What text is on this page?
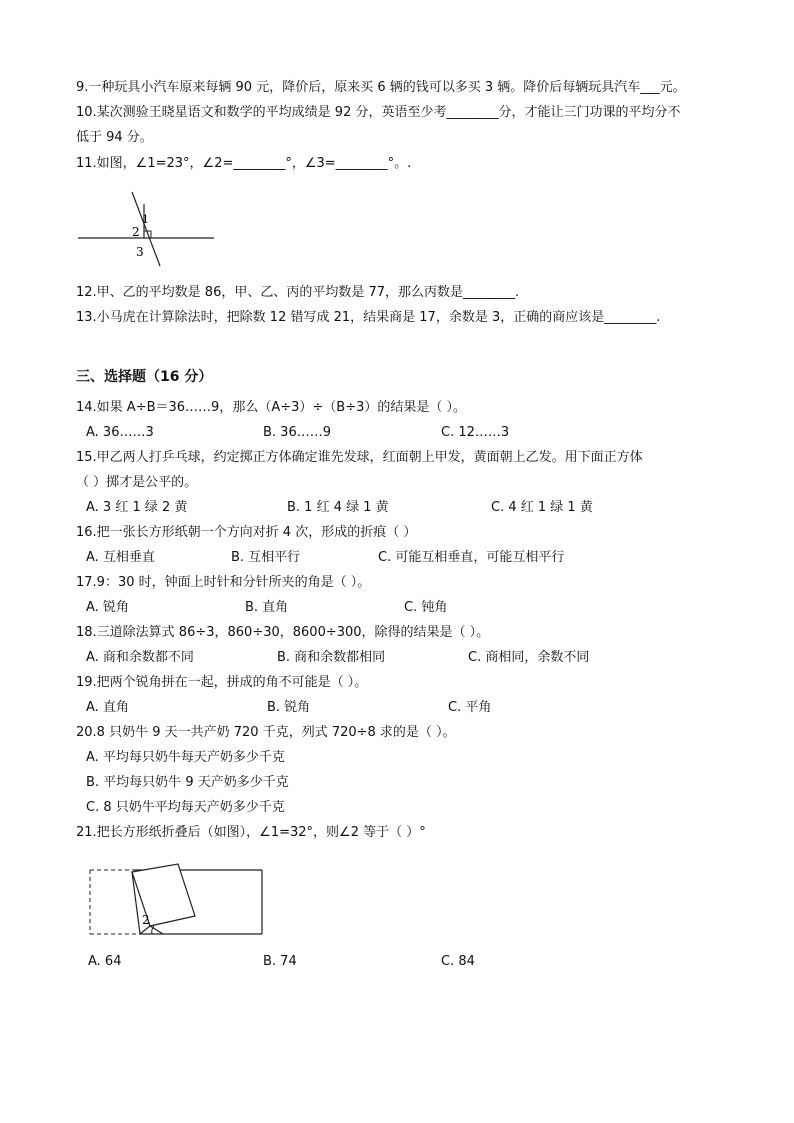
9.一种玩具小汽车原来每辆 90 元，降价后，原来买 6 辆的钱可以多买 3 辆。降价后每辆玩具汽车___元。
10.某次测验王晓星语文和数学的平均成绩是 92 分，英语至少考________分，才能让三门功课的平均分不
低于 94 分。
11.如图，∠1=23°，∠2=________°，∠3=________°。.
1
2
3
12.甲、乙的平均数是 86，甲、乙、丙的平均数是 77，那么丙数是________.
13.小马虎在计算除法时，把除数 12 错写成 21，结果商是 17，余数是 3，正确的商应该是________.
三、选择题（16 分）
14.如果 A÷B＝36……9，那么（A÷3）÷（B÷3）的结果是（ ）。
A. 36……3	B. 36……9	C. 12……3
15.甲乙两人打乒乓球，约定掷正方体确定谁先发球，红面朝上甲发，黄面朝上乙发。用下面正方体
（ ）掷才是公平的。
A. 3 红 1 绿 2 黄	B. 1 红 4 绿 1 黄	C. 4 红 1 绿 1 黄
16.把一张长方形纸朝一个方向对折 4 次，形成的折痕（ ）
A. 互相垂直	B. 互相平行	C. 可能互相垂直，可能互相平行
17.9：30 时，钟面上时针和分针所夹的角是（ ）。
A. 锐角	B. 直角	C. 钝角
18.三道除法算式 86÷3，860÷30，8600÷300，除得的结果是（ ）。
A. 商和余数都不同	B. 商和余数都相同	C. 商相同，余数不同
19.把两个锐角拼在一起，拼成的角不可能是（ ）。
A. 直角	B. 锐角	C. 平角
20.8 只奶牛 9 天一共产奶 720 千克，列式 720÷8 求的是（ ）。
A. 平均每只奶牛每天产奶多少千克
B. 平均每只奶牛 9 天产奶多少千克
C. 8 只奶牛平均每天产奶多少千克
21.把长方形纸折叠后（如图），∠1=32°，则∠2 等于（ ）°
2
A. 64	B. 74	C. 84
